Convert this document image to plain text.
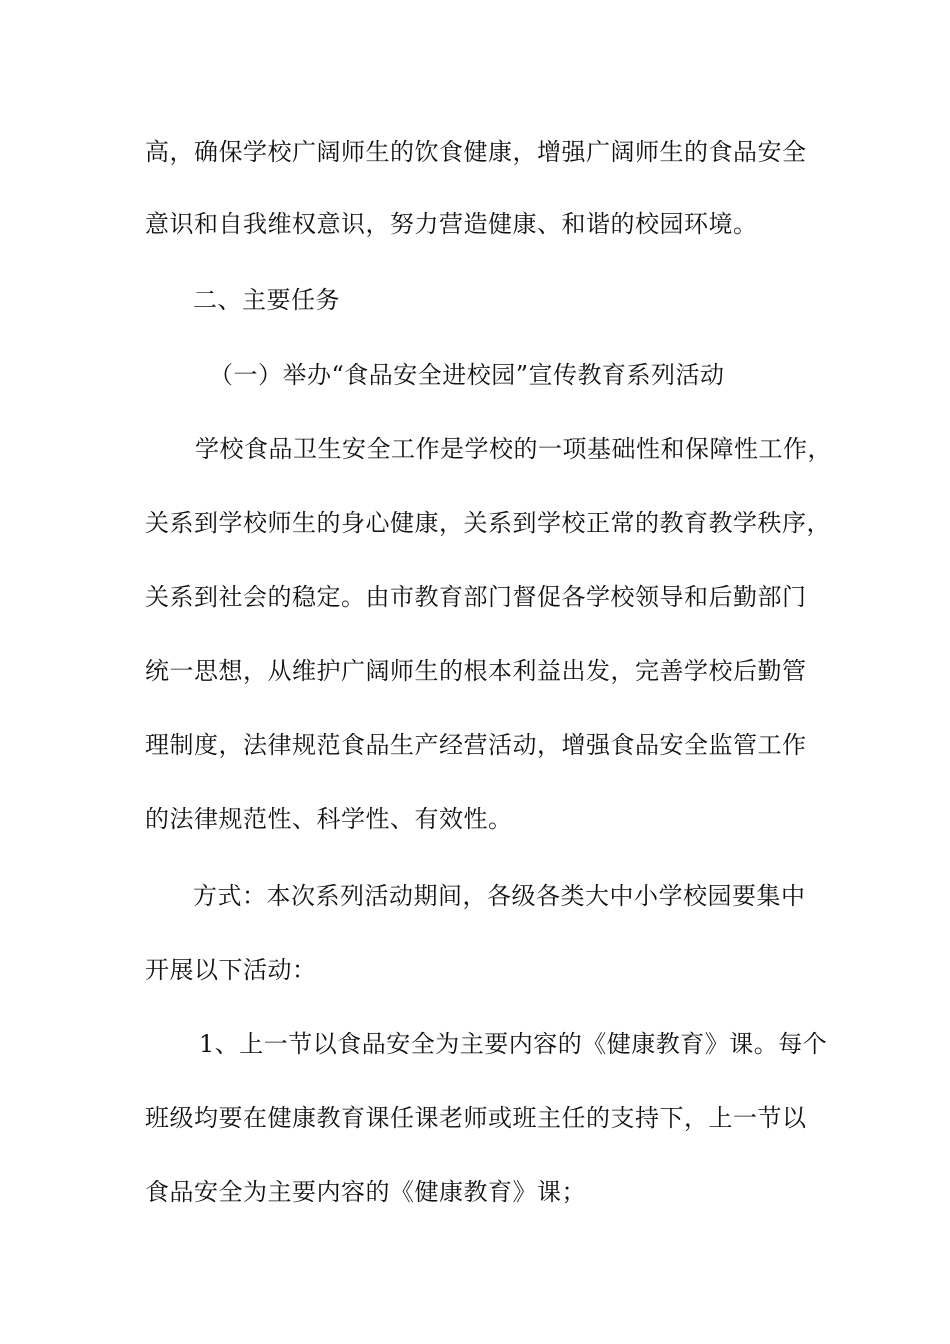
高，确保学校广阔师生的饮食健康，增强广阔师生的食品安全
意识和自我维权意识，努力营造健康、和谐的校园环境。
二、主要任务
（一）举办“食品安全进校园”宣传教育系列活动
学校食品卫生安全工作是学校的一项基础性和保障性工作，
关系到学校师生的身心健康，关系到学校正常的教育教学秩序，
关系到社会的稳定。由市教育部门督促各学校领导和后勤部门
统一思想，从维护广阔师生的根本利益出发，完善学校后勤管
理制度，法律规范食品生产经营活动，增强食品安全监管工作
的法律规范性、科学性、有效性。
方式：本次系列活动期间，各级各类大中小学校园要集中
开展以下活动：
1、上一节以食品安全为主要内容的《健康教育》课。每个
班级均要在健康教育课任课老师或班主任的支持下，上一节以
食品安全为主要内容的《健康教育》课；
